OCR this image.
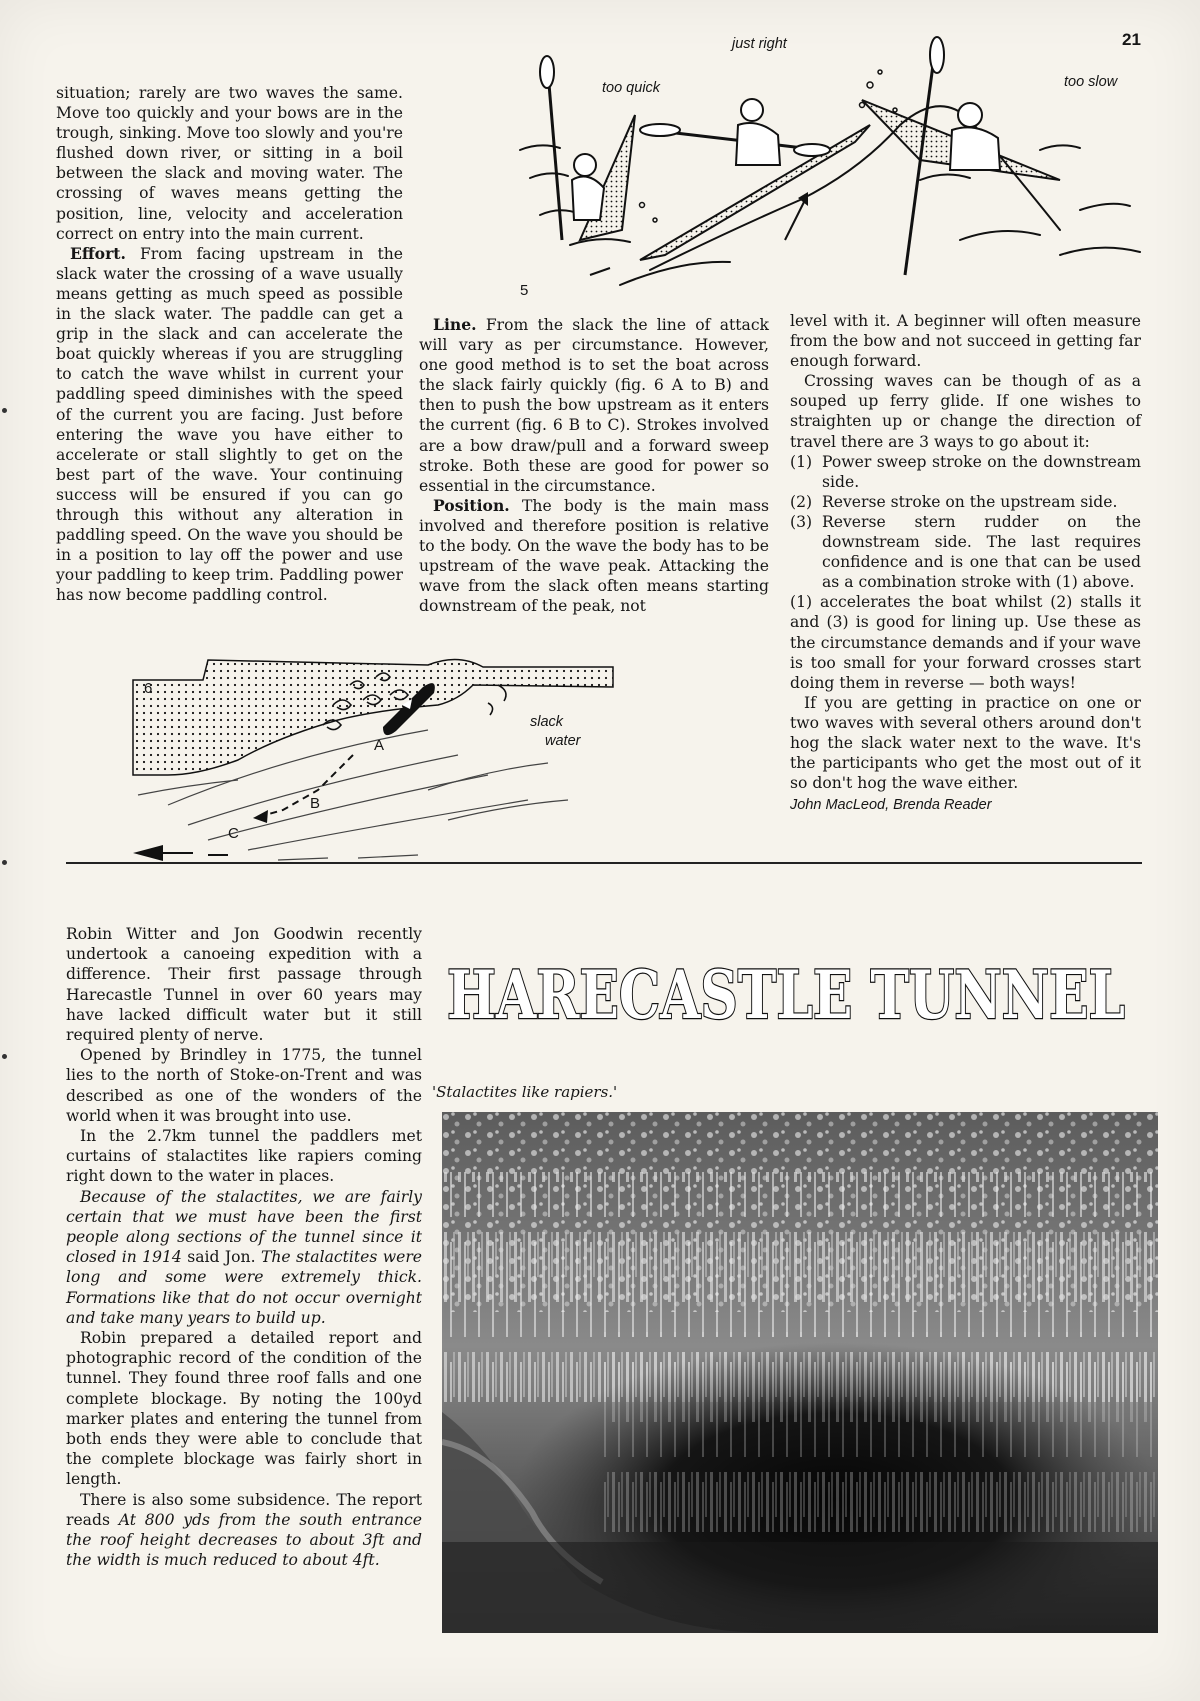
21
just right
too quick	too slow
5

situation; rarely are two waves the same. Move too quickly and your bows are in the trough, sinking. Move too slowly and you're flushed down river, or sitting in a boil between the slack and moving water. The crossing of waves means getting the position, line, velocity and acceleration correct on entry into the main current.

Effort. From facing upstream in the slack water the crossing of a wave usually means getting as much speed as possible in the slack water. The paddle can get a grip in the slack and can accelerate the boat quickly whereas if you are struggling to catch the wave whilst in current your paddling speed diminishes with the speed of the current you are facing. Just before entering the wave you have either to accelerate or stall slightly to get on the best part of the wave. Your continuing success will be ensured if you can go through this without any alteration in paddling speed. On the wave you should be in a position to lay off the power and use your paddling to keep trim. Paddling power has now become paddling control.

Line. From the slack the line of attack will vary as per circumstance. However, one good method is to set the boat across the slack fairly quickly (fig. 6 A to B) and then to push the bow upstream as it enters the current (fig. 6 B to C). Strokes involved are a bow draw/pull and a forward sweep stroke. Both these are good for power so essential in the circumstance.

Position. The body is the main mass involved and therefore position is relative to the body. On the wave the body has to be upstream of the wave peak. Attacking the wave from the slack often means starting downstream of the peak, not

level with it. A beginner will often measure from the bow and not succeed in getting far enough forward.

Crossing waves can be though of as a souped up ferry glide. If one wishes to straighten up or change the direction of travel there are 3 ways to go about it:

(1) Power sweep stroke on the downstream side.
(2) Reverse stroke on the upstream side.
(3) Reverse stern rudder on the downstream side. The last requires confidence and is one that can be used as a combination stroke with (1) above.

(1) accelerates the boat whilst (2) stalls it and (3) is good for lining up. Use these as the circumstance demands and if your wave is too small for your forward crosses start doing them in reverse — both ways!

If you are getting in practice on one or two waves with several others around don't hog the slack water next to the wave. It's the participants who get the most out of it so don't hog the wave either.

John MacLeod, Brenda Reader
6
slack
water
A
B
C
HARECASTLE TUNNEL

Robin Witter and Jon Goodwin recently undertook a canoeing expedition with a difference. Their first passage through Harecastle Tunnel in over 60 years may have lacked difficult water but it still required plenty of nerve.

Opened by Brindley in 1775, the tunnel lies to the north of Stoke-on-Trent and was described as one of the wonders of the world when it was brought into use.

In the 2.7km tunnel the paddlers met curtains of stalactites like rapiers coming right down to the water in places.

Because of the stalactites, we are fairly certain that we must have been the first people along sections of the tunnel since it closed in 1914 said Jon. The stalactites were long and some were extremely thick. Formations like that do not occur overnight and take many years to build up.

Robin prepared a detailed report and photographic record of the condition of the tunnel. They found three roof falls and one complete blockage. By noting the 100yd marker plates and entering the tunnel from both ends they were able to conclude that the complete blockage was fairly short in length.

There is also some subsidence. The report reads At 800 yds from the south entrance the roof height decreases to about 3ft and the width is much reduced to about 4ft.

'Stalactites like rapiers.'
